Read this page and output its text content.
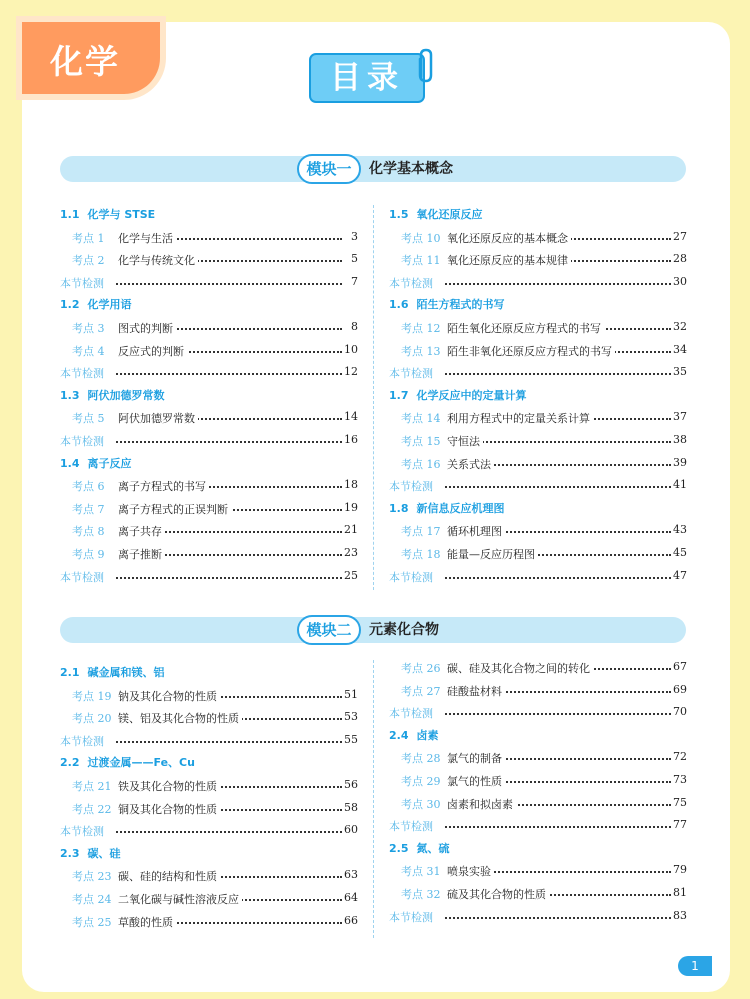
化学	目录
模块一	化学基本概念
1.1 化学与 STSE
考点 1 化学与生活	3
考点 2 化学与传统文化	5
本节检测	7
1.2 化学用语
考点 3 图式的判断	8
考点 4 反应式的判断	10
本节检测	12
1.3 阿伏加德罗常数
考点 5 阿伏加德罗常数	14
本节检测	16
1.4 离子反应
考点 6 离子方程式的书写	18
考点 7 离子方程式的正误判断	19
考点 8 离子共存	21
考点 9 离子推断	23
本节检测	25
1.5 氧化还原反应
考点 10 氧化还原反应的基本概念	27
考点 11 氧化还原反应的基本规律	28
本节检测	30
1.6 陌生方程式的书写
考点 12 陌生氧化还原反应方程式的书写	32
考点 13 陌生非氧化还原反应方程式的书写	34
本节检测	35
1.7 化学反应中的定量计算
考点 14 利用方程式中的定量关系计算	37
考点 15 守恒法	38
考点 16 关系式法	39
本节检测	41
1.8 新信息反应机理图
考点 17 循环机理图	43
考点 18 能量—反应历程图	45
本节检测	47
模块二	元素化合物
2.1 碱金属和镁、铝
考点 19 钠及其化合物的性质	51
考点 20 镁、铝及其化合物的性质	53
本节检测	55
2.2 过渡金属——Fe、Cu
考点 21 铁及其化合物的性质	56
考点 22 铜及其化合物的性质	58
本节检测	60
2.3 碳、硅
考点 23 碳、硅的结构和性质	63
考点 24 二氧化碳与碱性溶液反应	64
考点 25 草酸的性质	66
考点 26 碳、硅及其化合物之间的转化	67
考点 27 硅酸盐材料	69
本节检测	70
2.4 卤素
考点 28 氯气的制备	72
考点 29 氯气的性质	73
考点 30 卤素和拟卤素	75
本节检测	77
2.5 氮、硫
考点 31 喷泉实验	79
考点 32 硫及其化合物的性质	81
本节检测	83
1
